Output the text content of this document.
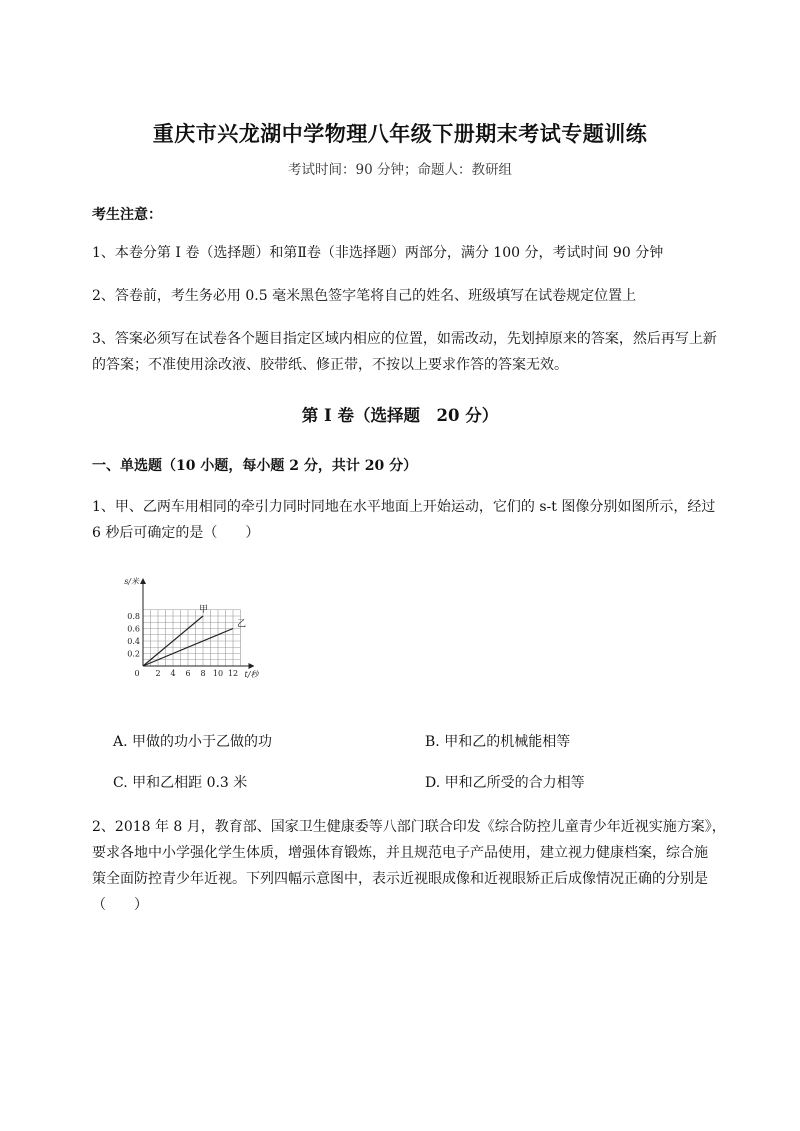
重庆市兴龙湖中学物理八年级下册期末考试专题训练
考试时间：90 分钟；命题人：教研组
考生注意：
1、本卷分第 I 卷（选择题）和第Ⅱ卷（非选择题）两部分，满分 100 分，考试时间 90 分钟
2、答卷前，考生务必用 0.5 毫米黑色签字笔将自己的姓名、班级填写在试卷规定位置上
3、答案必须写在试卷各个题目指定区域内相应的位置，如需改动，先划掉原来的答案，然后再写上新
的答案；不准使用涂改液、胶带纸、修正带，不按以上要求作答的答案无效。
第 I 卷（选择题　20 分）
一、单选题（10 小题，每小题 2 分，共计 20 分）
1、甲、乙两车用相同的牵引力同时同地在水平地面上开始运动，它们的 s-t 图像分别如图所示，经过
6 秒后可确定的是（　　）
2 4 6 8 10 12
0.2
0.4
0.6
0.8
0	t/秒
s/米
甲
乙
A. 甲做的功小于乙做的功	B. 甲和乙的机械能相等
C. 甲和乙相距 0.3 米	D. 甲和乙所受的合力相等
2、2018 年 8 月，教育部、国家卫生健康委等八部门联合印发《综合防控儿童青少年近视实施方案》，
要求各地中小学强化学生体质，增强体育锻炼，并且规范电子产品使用，建立视力健康档案，综合施
策全面防控青少年近视。下列四幅示意图中，表示近视眼成像和近视眼矫正后成像情况正确的分别是
（　　）
